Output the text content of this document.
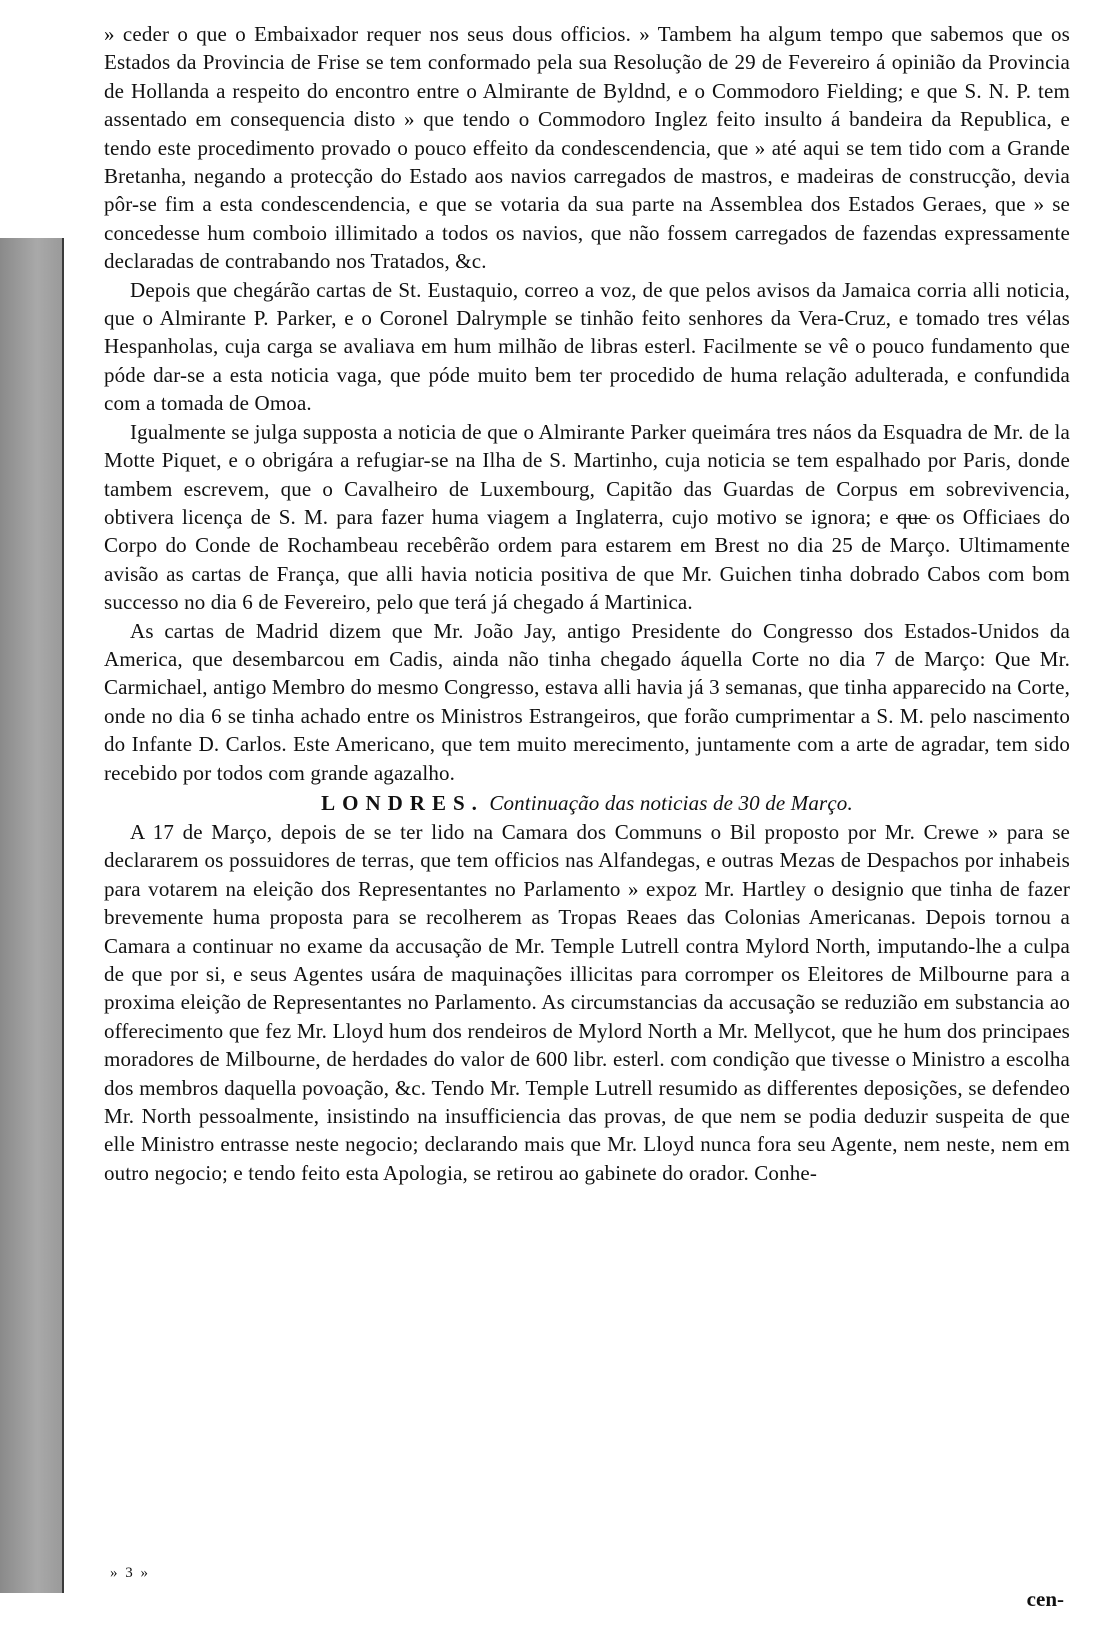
» ceder o que o Embaixador requer nos seus dous officios. » Tambem ha algum tempo que sabemos que os Estados da Provincia de Frise se tem conformado pela sua Resolução de 29 de Fevereiro á opinião da Provincia de Hollanda a respeito do encontro entre o Almirante de Byldnd, e o Commodoro Fielding; e que S. N. P. tem assentado em consequencia disto » que tendo o Commodoro Inglez feito insulto á bandeira da Republica, e tendo este procedimento provado o pouco effeito da condescendencia, que » até aqui se tem tido com a Grande Bretanha, negando a protecção do Estado aos navios carregados de mastros, e madeiras de construcção, devia pôr-se fim a esta condescendencia, e que se votaria da sua parte na Assemblea dos Estados Geraes, que » se concedesse hum comboio illimitado a todos os navios, que não fossem carregados de fazendas expressamente declaradas de contrabando nos Tratados, &c.

Depois que chegárão cartas de St. Eustaquio, correo a voz, de que pelos avisos da Jamaica corria alli noticia, que o Almirante P. Parker, e o Coronel Dalrymple se tinhão feito senhores da Vera-Cruz, e tomado tres vélas Hespanholas, cuja carga se avaliava em hum milhão de libras esterl. Facilmente se vê o pouco fundamento que póde dar-se a esta noticia vaga, que póde muito bem ter procedido de huma relação adulterada, e confundida com a tomada de Omoa.

Igualmente se julga supposta a noticia de que o Almirante Parker queimára tres náos da Esquadra de Mr. de la Motte Piquet, e o obrigára a refugiar-se na Ilha de S. Martinho, cuja noticia se tem espalhado por Paris, donde tambem escrevem, que o Cavalheiro de Luxembourg, Capitão das Guardas de Corpus em sobrevivencia, obtivera licença de S. M. para fazer huma viagem a Inglaterra, cujo motivo se ignora; e que os Officiaes do Corpo do Conde de Rochambeau recebêrão ordem para estarem em Brest no dia 25 de Março. Ultimamente avisão as cartas de França, que alli havia noticia positiva de que Mr. Guichen tinha dobrado Cabos com bom successo no dia 6 de Fevereiro, pelo que terá já chegado á Martinica.

As cartas de Madrid dizem que Mr. João Jay, antigo Presidente do Congresso dos Estados-Unidos da America, que desembarcou em Cadis, ainda não tinha chegado áquella Corte no dia 7 de Março: Que Mr. Carmichael, antigo Membro do mesmo Congresso, estava alli havia já 3 semanas, que tinha apparecido na Corte, onde no dia 6 se tinha achado entre os Ministros Estrangeiros, que forão cumprimentar a S. M. pelo nascimento do Infante D. Carlos. Este Americano, que tem muito merecimento, juntamente com a arte de agradar, tem sido recebido por todos com grande agazalho.

LONDRES. Continuação das noticias de 30 de Março.

A 17 de Março, depois de se ter lido na Camara dos Communs o Bil proposto por Mr. Crewe » para se declararem os possuidores de terras, que tem officios nas Alfandegas, e outras Mezas de Despachos por inhabeis para votarem na eleição dos Representantes no Parlamento » expoz Mr. Hartley o designio que tinha de fazer brevemente huma proposta para se recolherem as Tropas Reaes das Colonias Americanas. Depois tornou a Camara a continuar no exame da accusação de Mr. Temple Lutrell contra Mylord North, imputando-lhe a culpa de que por si, e seus Agentes usára de maquinações illicitas para corromper os Eleitores de Milbourne para a proxima eleição de Representantes no Parlamento. As circumstancias da accusação se reduzião em substancia ao offerecimento que fez Mr. Lloyd hum dos rendeiros de Mylord North a Mr. Mellycot, que he hum dos principaes moradores de Milbourne, de herdades do valor de 600 libr. esterl. com condição que tivesse o Ministro a escolha dos membros daquella povoação, &c. Tendo Mr. Temple Lutrell resumido as differentes deposições, se defendeo Mr. North pessoalmente, insistindo na insufficiencia das provas, de que nem se podia deduzir suspeita de que elle Ministro entrasse neste negocio; declarando mais que Mr. Lloyd nunca fora seu Agente, nem neste, nem em outro negocio; e tendo feito esta Apologia, se retirou ao gabinete do orador. Conhe-

» 3 »
cen-
